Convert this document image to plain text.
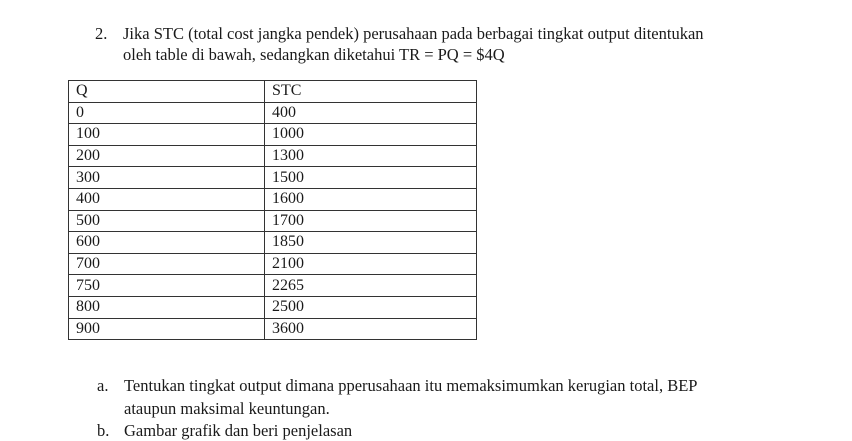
2. Jika STC (total cost jangka pendek) perusahaan pada berbagai tingkat output ditentukan
oleh table di bawah, sedangkan diketahui TR = PQ = $4Q
Q	STC
0	400
100	1000
200	1300
300	1500
400	1600
500	1700
600	1850
700	2100
750	2265
800	2500
900	3600
a. Tentukan tingkat output dimana pperusahaan itu memaksimumkan kerugian total, BEP
ataupun maksimal keuntungan.
b. Gambar grafik dan beri penjelasan
